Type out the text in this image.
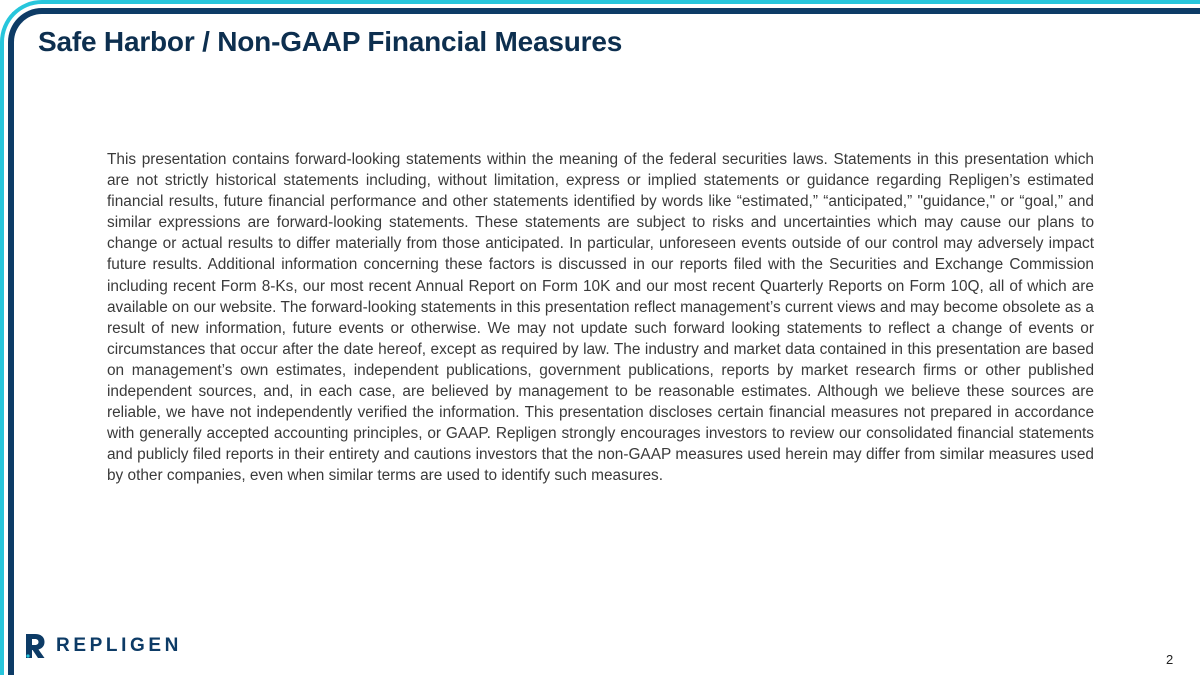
Safe Harbor / Non-GAAP Financial Measures

This presentation contains forward-looking statements within the meaning of the federal securities laws. Statements in this presentation which are not strictly historical statements including, without limitation, express or implied statements or guidance regarding Repligen’s estimated financial results, future financial performance and other statements identified by words like “estimated,” “anticipated,” "guidance," or “goal,” and similar expressions are forward-looking statements. These statements are subject to risks and uncertainties which may cause our plans to change or actual results to differ materially from those anticipated. In particular, unforeseen events outside of our control may adversely impact future results. Additional information concerning these factors is discussed in our reports filed with the Securities and Exchange Commission including recent Form 8-Ks, our most recent Annual Report on Form 10K and our most recent Quarterly Reports on Form 10Q, all of which are available on our website. The forward-looking statements in this presentation reflect management’s current views and may become obsolete as a result of new information, future events or otherwise. We may not update such forward looking statements to reflect a change of events or circumstances that occur after the date hereof, except as required by law. The industry and market data contained in this presentation are based on management’s own estimates, independent publications, government publications, reports by market research firms or other published independent sources, and, in each case, are believed by management to be reasonable estimates. Although we believe these sources are reliable, we have not independently verified the information. This presentation discloses certain financial measures not prepared in accordance with generally accepted accounting principles, or GAAP. Repligen strongly encourages investors to review our consolidated financial statements and publicly filed reports in their entirety and cautions investors that the non-GAAP measures used herein may differ from similar measures used by other companies, even when similar terms are used to identify such measures.

REPLIGEN
2
